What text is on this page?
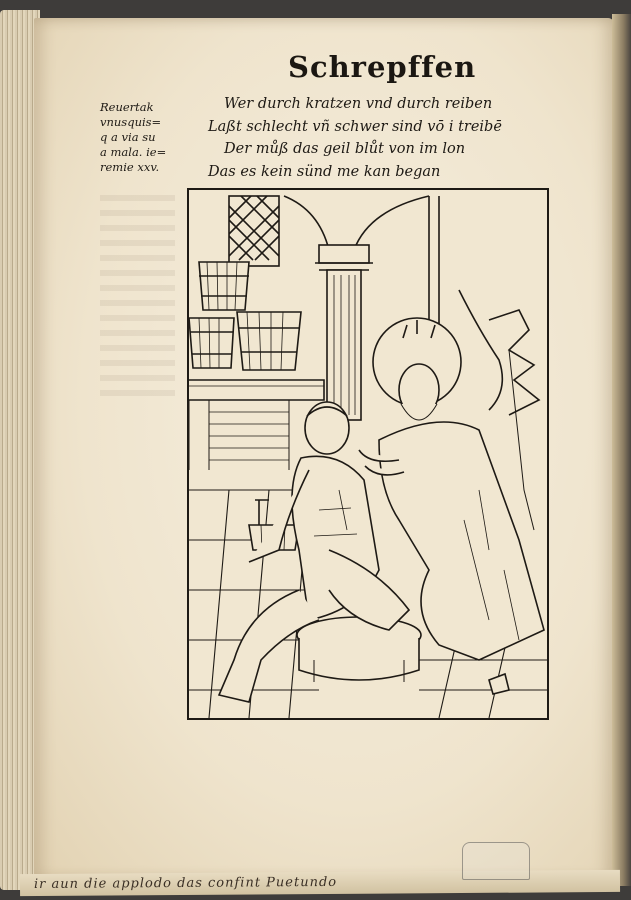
ir aun die applodo das confint Puetundo
Schrepffen
Reuertak
vnusquis=
q a via su
a mala. ie=
remie xxv.
Wer durch kratzen vnd durch reiben
Laßt schlecht vñ schwer sind vō i treibē
Der můß das geil blůt von im lon
Das es kein sünd me kan began
